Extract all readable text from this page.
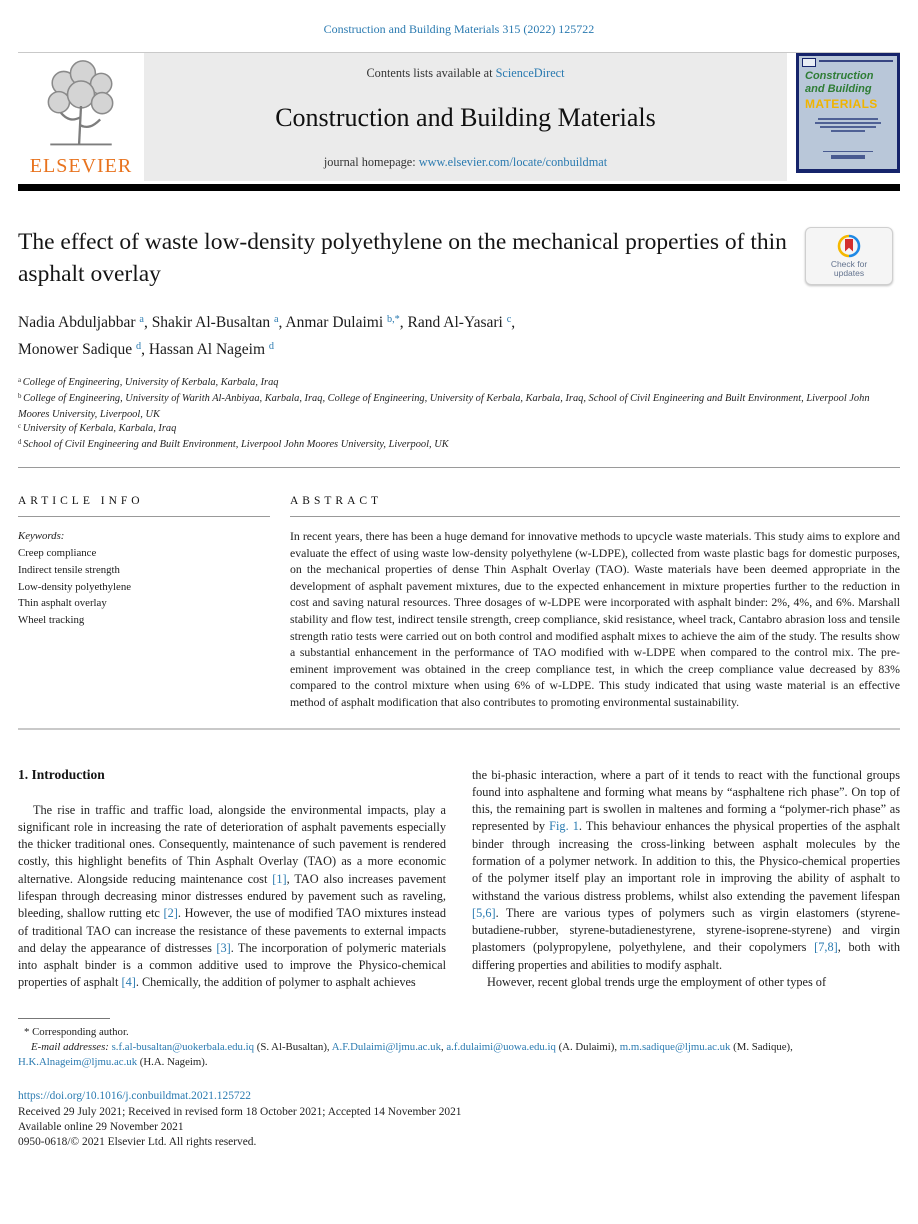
Construction and Building Materials 315 (2022) 125722
ELSEVIER
Contents lists available at ScienceDirect
Construction and Building Materials
journal homepage: www.elsevier.com/locate/conbuildmat
Construction
and Building
MATERIALS
The effect of waste low-density polyethylene on the mechanical properties of thin asphalt overlay	Check for updates
Nadia Abduljabbar $^a$, Shakir Al-Busaltan $^a$, Anmar Dulaimi $^{b,*}$, Rand Al-Yasari $^c$,
Monower Sadique $^d$, Hassan Al Nageim $^d$
$^a$ College of Engineering, University of Kerbala, Karbala, Iraq
$^b$ College of Engineering, University of Warith Al-Anbiyaa, Karbala, Iraq, College of Engineering, University of Kerbala, Karbala, Iraq, School of Civil Engineering and Built Environment, Liverpool John Moores University, Liverpool, UK
$^c$ University of Kerbala, Karbala, Iraq
$^d$ School of Civil Engineering and Built Environment, Liverpool John Moores University, Liverpool, UK
ARTICLE INFO
Keywords:
Creep compliance
Indirect tensile strength
Low-density polyethylene
Thin asphalt overlay
Wheel tracking
ABSTRACT

In recent years, there has been a huge demand for innovative methods to upcycle waste materials. This study aims to explore and evaluate the effect of using waste low-density polyethylene (w-LDPE), collected from waste plastic bags for domestic purposes, on the mechanical properties of dense Thin Asphalt Overlay (TAO). Waste materials have been deemed appropriate in the development of asphalt pavement mixtures, due to the expected enhancement in mixture properties further to the reduction in cost and saving natural resources. Three dosages of w-LDPE were incorporated with asphalt binder: 2%, 4%, and 6%. Marshall stability and flow test, indirect tensile strength, creep compliance, skid resistance, wheel track, Cantabro abrasion loss and tensile strength ratio tests were carried out on both control and modified asphalt mixes to achieve the aim of the study. The results show a substantial enhancement in the performance of TAO modified with w-LDPE when compared to the control mix. The pre-eminent improvement was obtained in the creep compliance test, in which the creep compliance value decreased by 83% compared to the control mixture when using 6% of w-LDPE. This study indicated that using waste material is an effective method of asphalt modification that also contributes to promoting environmental sustainability.

1. Introduction

The rise in traffic and traffic load, alongside the environmental impacts, play a significant role in increasing the rate of deterioration of asphalt pavements especially the thicker traditional ones. Consequently, maintenance of such pavement is rendered costly, this highlight benefits of Thin Asphalt Overlay (TAO) as a more economic alternative. Alongside reducing maintenance cost [1], TAO also increases pavement lifespan through decreasing minor distresses endured by pavement such as raveling, bleeding, shallow rutting etc [2]. However, the use of modified TAO mixtures instead of traditional TAO can increase the resistance of these pavements to external impacts and delay the appearance of distresses [3]. The incorporation of polymeric materials into asphalt binder is a common additive used to improve the Physico-chemical properties of asphalt [4]. Chemically, the addition of polymer to asphalt achieves

the bi-phasic interaction, where a part of it tends to react with the functional groups found into asphaltene and forming what means by “asphaltene rich phase”. On top of this, the remaining part is swollen in maltenes and forming a “polymer-rich phase” as represented by Fig. 1. This behaviour enhances the physical properties of the asphalt binder through increasing the cross-linking between asphalt molecules by the formation of a polymer network. In addition to this, the Physico-chemical properties of the polymer itself play an important role in improving the ability of asphalt to withstand the various distress problems, whilst also extending the pavement lifespan [5,6]. There are various types of polymers such as virgin elastomers (styrene-butadiene-rubber, styrene-butadienestyrene, styrene-isoprene-styrene) and virgin plastomers (polypropylene, polyethylene, and their copolymers [7,8], both with differing properties and abilities to modify asphalt.

However, recent global trends urge the employment of other types of

* Corresponding author.
E-mail addresses: s.f.al-busaltan@uokerbala.edu.iq (S. Al-Busaltan), A.F.Dulaimi@ljmu.ac.uk, a.f.dulaimi@uowa.edu.iq (A. Dulaimi), m.m.sadique@ljmu.ac.uk (M. Sadique), H.K.Alnageim@ljmu.ac.uk (H.A. Nageim).
https://doi.org/10.1016/j.conbuildmat.2021.125722
Received 29 July 2021; Received in revised form 18 October 2021; Accepted 14 November 2021
Available online 29 November 2021
0950-0618/© 2021 Elsevier Ltd. All rights reserved.
